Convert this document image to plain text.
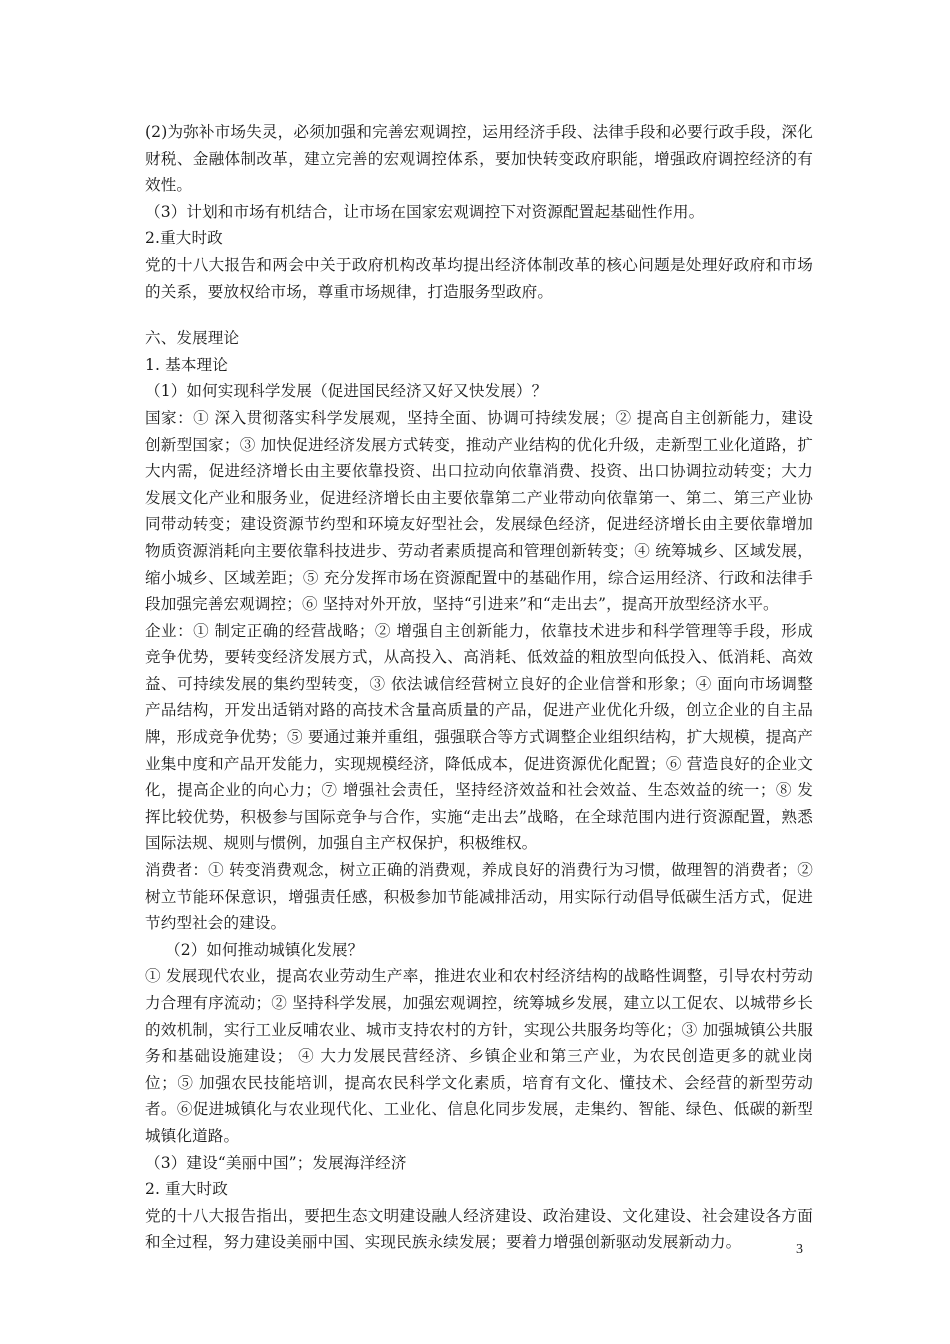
(2)为弥补市场失灵，必须加强和完善宏观调控，运用经济手段、法律手段和必要行政手段，深化财税、金融体制改革，建立完善的宏观调控体系，要加快转变政府职能，增强政府调控经济的有效性。

（3）计划和市场有机结合，让市场在国家宏观调控下对资源配置起基础性作用。

2.重大时政

党的十八大报告和两会中关于政府机构改革均提出经济体制改革的核心问题是处理好政府和市场的关系，要放权给市场，尊重市场规律，打造服务型政府。

六、发展理论

1. 基本理论

（1）如何实现科学发展（促进国民经济又好又快发展）？

国家：① 深入贯彻落实科学发展观，坚持全面、协调可持续发展；② 提高自主创新能力，建设创新型国家；③ 加快促进经济发展方式转变，推动产业结构的优化升级，走新型工业化道路，扩大内需，促进经济增长由主要依靠投资、出口拉动向依靠消费、投资、出口协调拉动转变；大力发展文化产业和服务业，促进经济增长由主要依靠第二产业带动向依靠第一、第二、第三产业协同带动转变；建设资源节约型和环境友好型社会，发展绿色经济，促进经济增长由主要依靠增加物质资源消耗向主要依靠科技进步、劳动者素质提高和管理创新转变；④ 统筹城乡、区域发展，缩小城乡、区域差距；⑤ 充分发挥市场在资源配置中的基础作用，综合运用经济、行政和法律手段加强完善宏观调控；⑥ 坚持对外开放，坚持“引进来”和“走出去”，提高开放型经济水平。

企业：① 制定正确的经营战略；② 增强自主创新能力，依靠技术进步和科学管理等手段，形成竞争优势，要转变经济发展方式，从高投入、高消耗、低效益的粗放型向低投入、低消耗、高效益、可持续发展的集约型转变，③ 依法诚信经营树立良好的企业信誉和形象；④ 面向市场调整产品结构，开发出适销对路的高技术含量高质量的产品，促进产业优化升级，创立企业的自主品牌，形成竞争优势；⑤ 要通过兼并重组，强强联合等方式调整企业组织结构，扩大规模，提高产业集中度和产品开发能力，实现规模经济，降低成本，促进资源优化配置；⑥ 营造良好的企业文化，提高企业的向心力；⑦ 增强社会责任，坚持经济效益和社会效益、生态效益的统一；⑧ 发挥比较优势，积极参与国际竞争与合作，实施“走出去”战略，在全球范围内进行资源配置，熟悉国际法规、规则与惯例，加强自主产权保护，积极维权。

消费者：① 转变消费观念，树立正确的消费观，养成良好的消费行为习惯，做理智的消费者；②树立节能环保意识，增强责任感，积极参加节能减排活动，用实际行动倡导低碳生活方式，促进节约型社会的建设。

（2）如何推动城镇化发展？

① 发展现代农业，提高农业劳动生产率，推进农业和农村经济结构的战略性调整，引导农村劳动力合理有序流动；② 坚持科学发展，加强宏观调控，统筹城乡发展，建立以工促农、以城带乡长的效机制，实行工业反哺农业、城市支持农村的方针，实现公共服务均等化；③ 加强城镇公共服务和基础设施建设； ④ 大力发展民营经济、乡镇企业和第三产业，为农民创造更多的就业岗位；⑤ 加强农民技能培训，提高农民科学文化素质，培育有文化、懂技术、会经营的新型劳动者。⑥促进城镇化与农业现代化、工业化、信息化同步发展，走集约、智能、绿色、低碳的新型城镇化道路。

（3）建设“美丽中国”；发展海洋经济

2. 重大时政

党的十八大报告指出，要把生态文明建设融人经济建设、政治建设、文化建设、社会建设各方面和全过程，努力建设美丽中国、实现民族永续发展；要着力增强创新驱动发展新动力。	3
